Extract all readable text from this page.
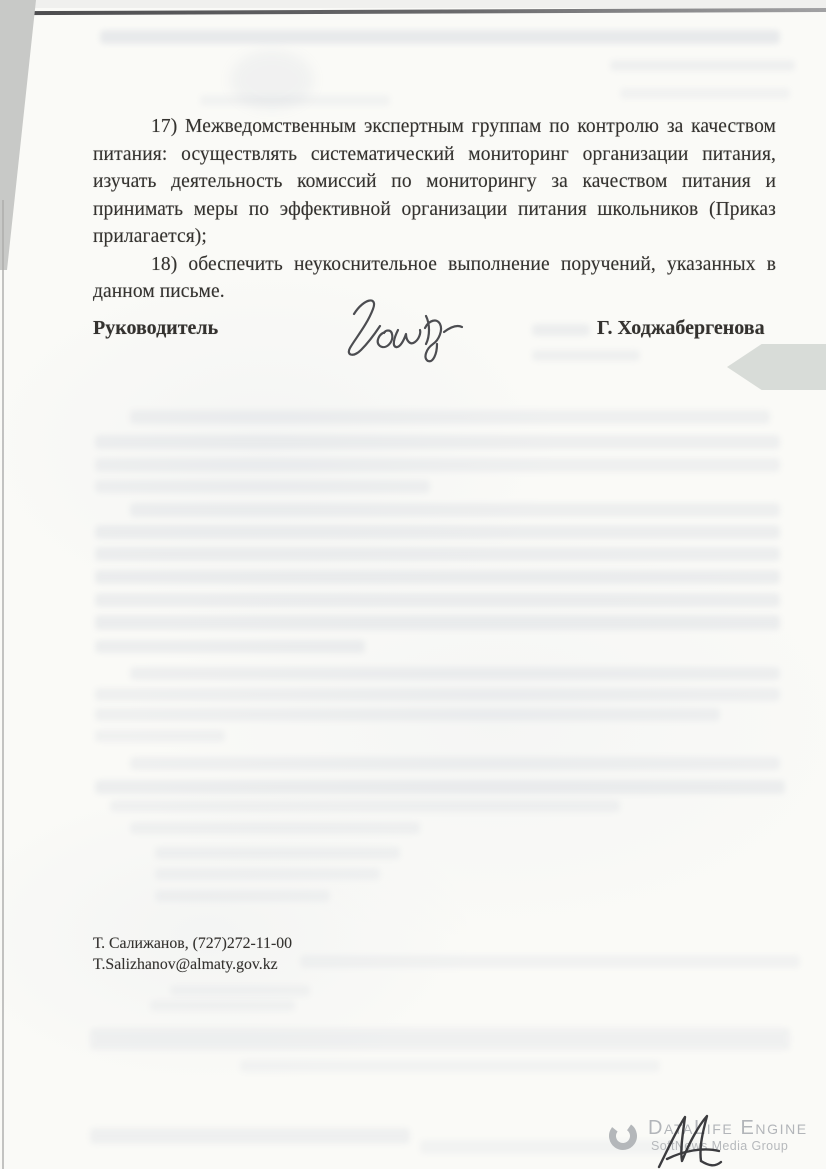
17) Межведомственным экспертным группам по контролю за качеством
питания: осуществлять систематический мониторинг организации питания,
изучать деятельность комиссий по мониторингу за качеством питания и
принимать меры по эффективной организации питания школьников (Приказ
прилагается);
18) обеспечить неукоснительное выполнение поручений, указанных в
данном письме.
Руководитель	Г. Ходжабергенова
Т. Салижанов, (727)272-11-00
T.Salizhanov@almaty.gov.kz
DataLife Engine
SoftNews Media Group
